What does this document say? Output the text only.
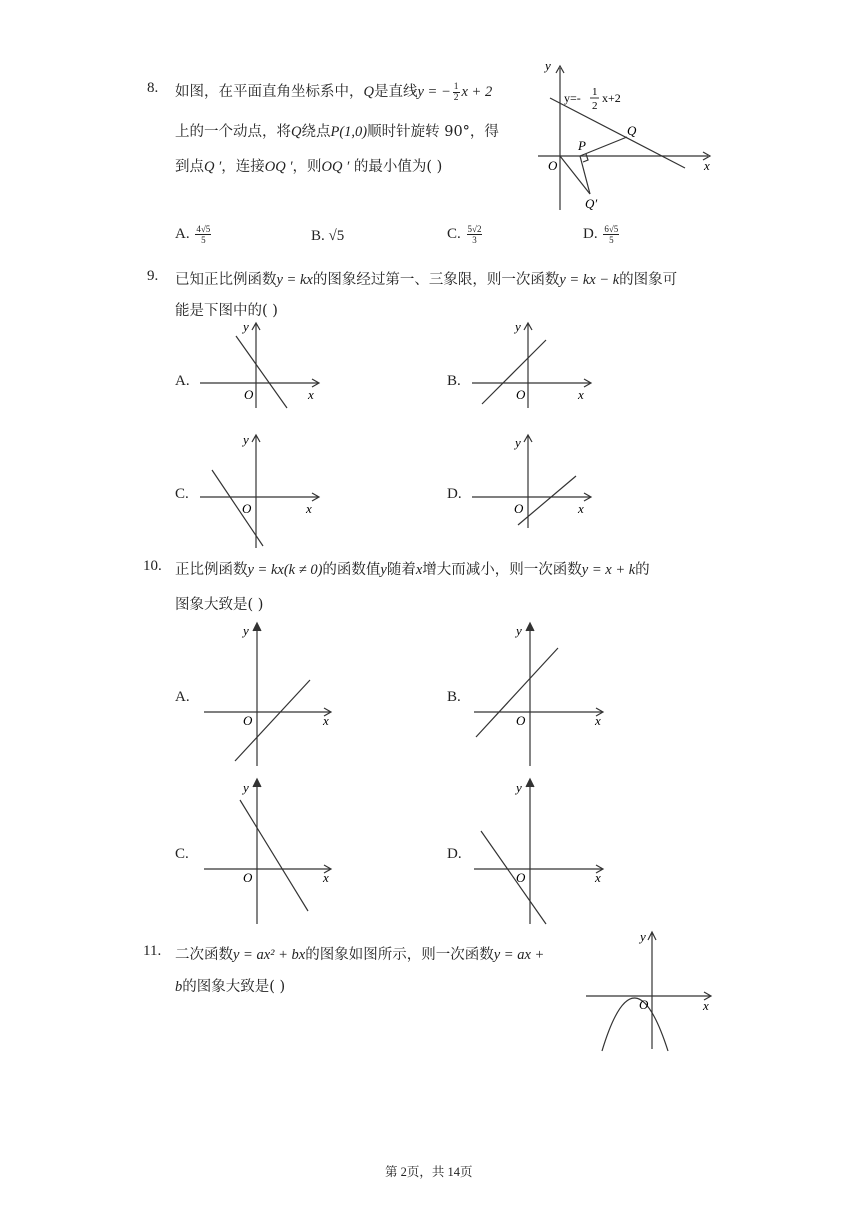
8. 如图，在平面直角坐标系中，Q是直线y = − $\frac{1}{2}$ x + 2
上的一个动点，将Q绕点P(1,0)顺时针旋转 90°，得
到点Q ′，连接OQ ′，则OQ ′ 的最小值为( )
y
x
O
P
Q
Q′
y=- 1
2
x+2
A. $\frac{4√5}{5}$	B. √5	C. $\frac{5√2}{3}$	D. $\frac{6√5}{5}$
9. 已知正比例函数y = kx的图象经过第一、三象限，则一次函数y = kx − k的图象可
能是下图中的( )
A.
y
x
O
B.
y
x
O
C.
y
x
O
D.
y
x
O
10. 正比例函数y = kx(k ≠ 0)的函数值y随着x增大而减小，则一次函数y = x + k的
图象大致是( )
A.
y
x
O
B.
y
x
O
C.
y
x
O
D.
y
x
O
11. 二次函数y = ax² + bx的图象如图所示，则一次函数y = ax +
b的图象大致是( )
y
x
O
第 2页，共 14页
